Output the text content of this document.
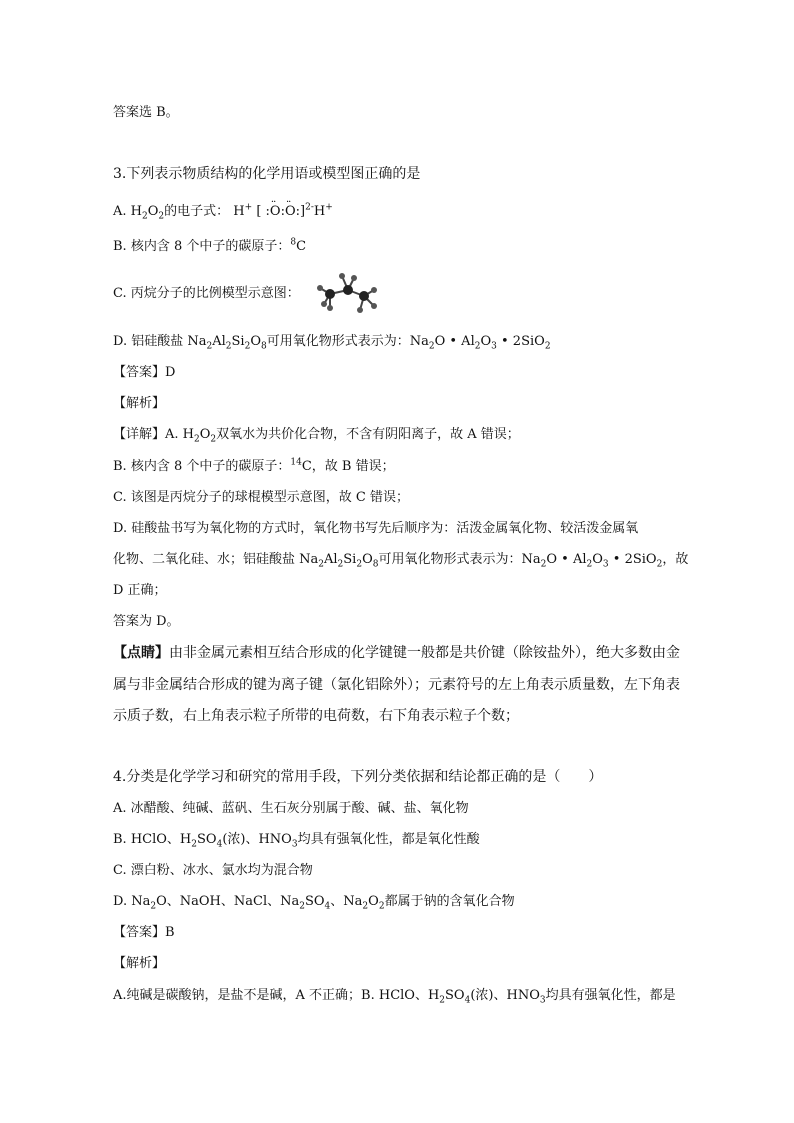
答案选 B。
3.下列表示物质结构的化学用语或模型图正确的是
A. $H_2O_2$的电子式： H+ [ :·· O:·· O:]$^{2-}$H+
B. 核内含 8 个中子的碳原子：$^8$C
C. 丙烷分子的比例模型示意图：
D. 铝硅酸盐 $Na_2Al_2Si_2O_8$可用氧化物形式表示为：$Na_2O$ • $Al_2O_3$ • 2SiO$_2$
【答案】D
【解析】
【详解】A. $H_2O_2$双氧水为共价化合物，不含有阴阳离子，故 A 错误；
B. 核内含 8 个中子的碳原子：$^{14}$C，故 B 错误；
C. 该图是丙烷分子的球棍模型示意图，故 C 错误；
D. 硅酸盐书写为氧化物的方式时，氧化物书写先后顺序为：活泼金属氧化物、较活泼金属氧
化物、二氧化硅、水；铝硅酸盐 $Na_2Al_2Si_2O_8$可用氧化物形式表示为：$Na_2O$ • $Al_2O_3$ • 2SiO$_2$，故
D 正确；
答案为 D。
【点睛】由非金属元素相互结合形成的化学键键一般都是共价键（除铵盐外），绝大多数由金
属与非金属结合形成的键为离子键（氯化铝除外）；元素符号的左上角表示质量数，左下角表
示质子数，右上角表示粒子所带的电荷数，右下角表示粒子个数；
4.分类是化学学习和研究的常用手段，下列分类依据和结论都正确的是（　　）
A. 冰醋酸、纯碱、蓝矾、生石灰分别属于酸、碱、盐、氧化物
B. HClO、$H_2SO_4$(浓)、$HNO_3$均具有强氧化性，都是氧化性酸
C. 漂白粉、冰水、氯水均为混合物
D. $Na_2O$、NaOH、NaCl、$Na_2SO_4$、$Na_2O_2$都属于钠的含氧化合物
【答案】B
【解析】
A.纯碱是碳酸钠，是盐不是碱，A 不正确；B. HClO、$H_2SO_4$(浓)、$HNO_3$均具有强氧化性，都是
